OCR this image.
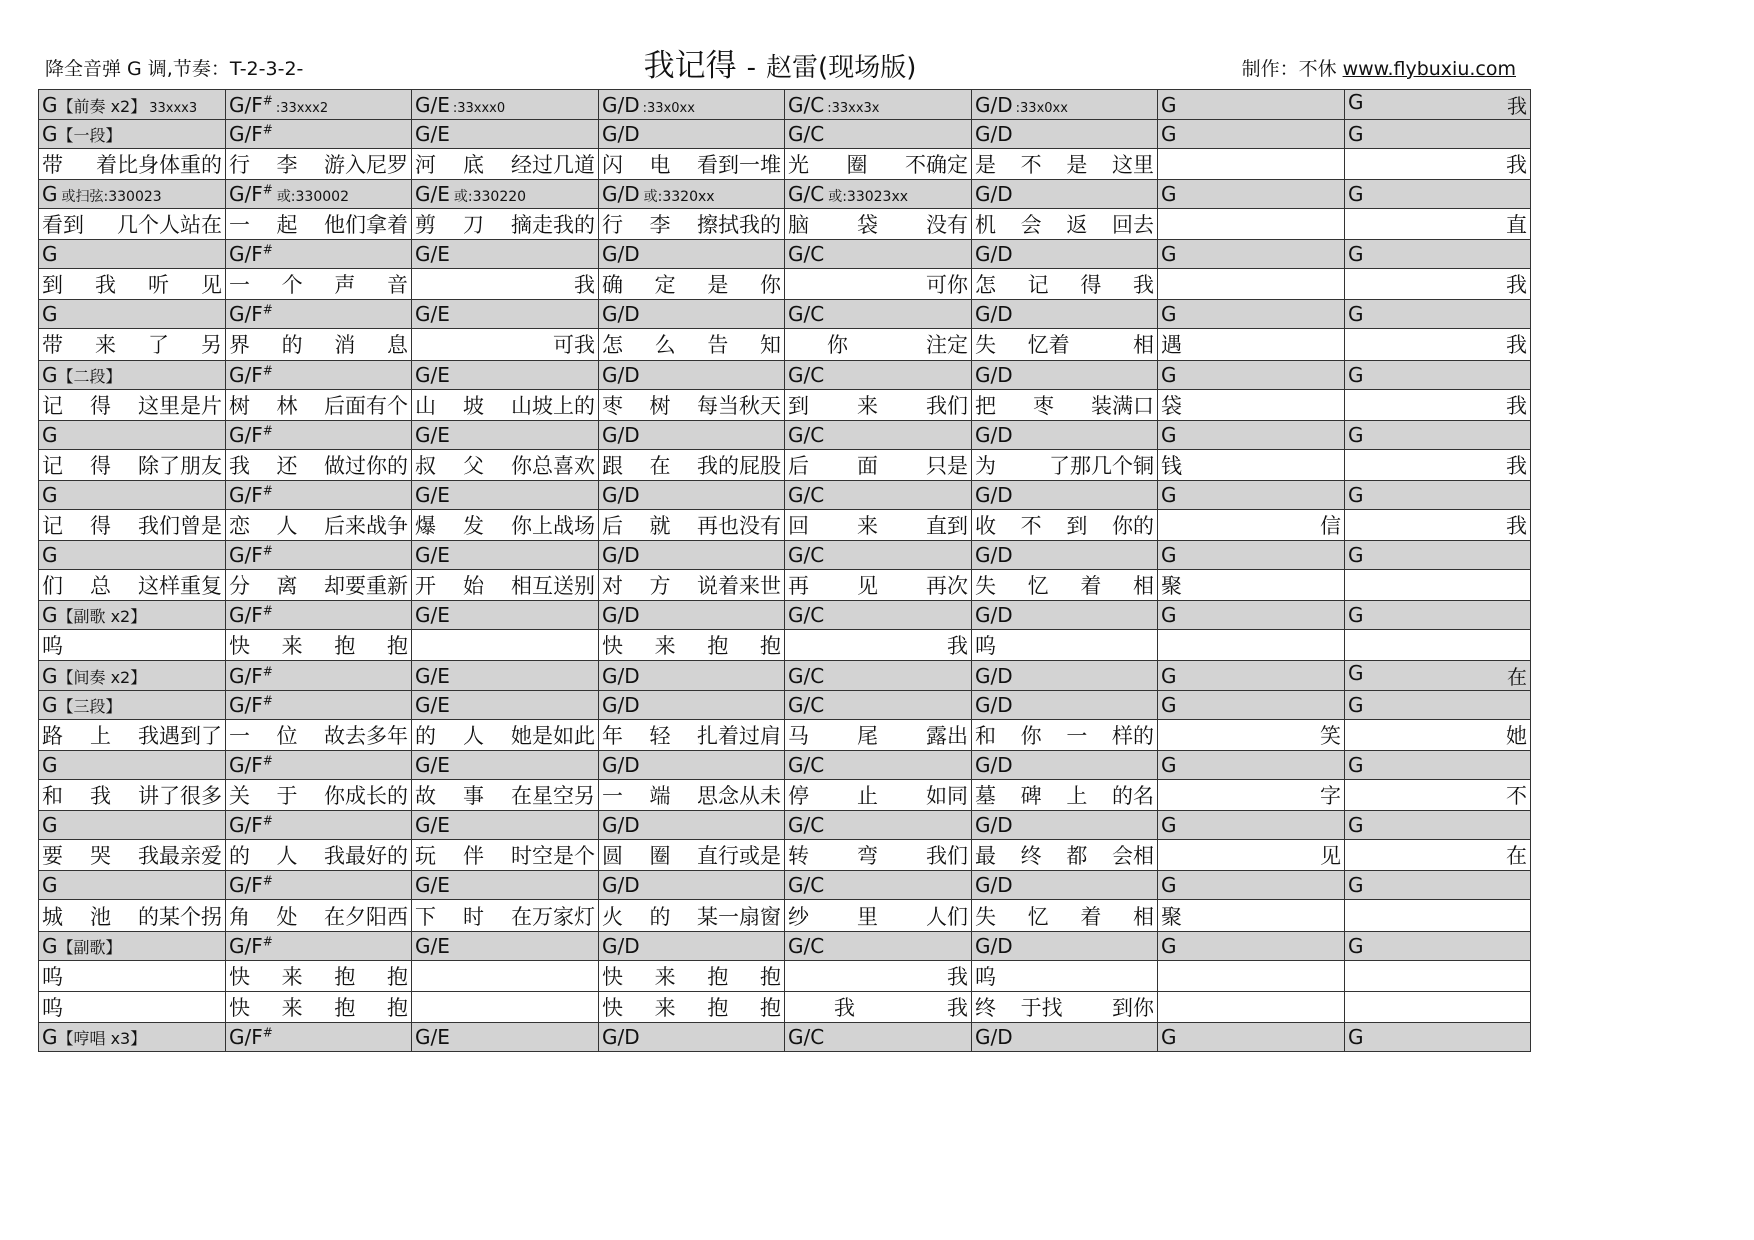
降全音弹 G 调,节奏：T-2-3-2-	我记得 - 赵雷(现场版)	制作：不休 www.flybuxiu.com
G【前奏 x2】 33xxx3	G/F#:33xxx2	G/E :33xxx0	G/D :33x0xx	G/C :33xx3x	G/D :33x0xx	G	G 我

G【一段】	G/F#	G/E	G/D	G/C	G/D	G	G

带 着比身体重的	行 李 游入尼罗	河 底 经过几道	闪 电 看到一堆	光 圈 不确定	是 不 是 这里		我

G 或扫弦:330023	G/F# 或:330002	G/E 或:330220	G/D 或:3320xx	G/C 或:33023xx	G/D	G	G

看到 几个人站在	一 起 他们拿着	剪 刀 摘走我的	行 李 擦拭我的	脑 袋 没有	机 会 返 回去		直

G	G/F#	G/E	G/D	G/C	G/D	G	G

到 我 听 见	一 个 声 音	我	确 定 是 你	可你	怎 记 得 我		我

G	G/F#	G/E	G/D	G/C	G/D	G	G

带 来 了 另	界 的 消 息	可我	怎 么 告 知	你 注定	失 忆着 相	遇	我

G【二段】	G/F#	G/E	G/D	G/C	G/D	G	G

记 得 这里是片	树 林 后面有个	山 坡 山坡上的	枣 树 每当秋天	到 来 我们	把 枣 装满口	袋	我

G	G/F#	G/E	G/D	G/C	G/D	G	G

记 得 除了朋友	我 还 做过你的	叔 父 你总喜欢	跟 在 我的屁股	后 面 只是	为 了那几个铜	钱	我

G	G/F#	G/E	G/D	G/C	G/D	G	G

记 得 我们曾是	恋 人 后来战争	爆 发 你上战场	后 就 再也没有	回 来 直到	收 不 到 你的	信	我

G	G/F#	G/E	G/D	G/C	G/D	G	G

们 总 这样重复	分 离 却要重新	开 始 相互送别	对 方 说着来世	再 见 再次	失 忆 着 相	聚	

G【副歌 x2】	G/F#	G/E	G/D	G/C	G/D	G	G

呜	快 来 抱 抱		快 来 抱 抱	我	呜		

G【间奏 x2】	G/F#	G/E	G/D	G/C	G/D	G	G 在

G【三段】	G/F#	G/E	G/D	G/C	G/D	G	G

路 上 我遇到了	一 位 故去多年	的 人 她是如此	年 轻 扎着过肩	马 尾 露出	和 你 一 样的	笑	她

G	G/F#	G/E	G/D	G/C	G/D	G	G

和 我 讲了很多	关 于 你成长的	故 事 在星空另	一 端 思念从未	停 止 如同	墓 碑 上 的名	字	不

G	G/F#	G/E	G/D	G/C	G/D	G	G

要 哭 我最亲爱	的 人 我最好的	玩 伴 时空是个	圆 圈 直行或是	转 弯 我们	最 终 都 会相	见	在

G	G/F#	G/E	G/D	G/C	G/D	G	G

城 池 的某个拐	角 处 在夕阳西	下 时 在万家灯	火 的 某一扇窗	纱 里 人们	失 忆 着 相	聚	

G【副歌】	G/F#	G/E	G/D	G/C	G/D	G	G

呜	快 来 抱 抱		快 来 抱 抱	我	呜		

呜	快 来 抱 抱		快 来 抱 抱	我 我	终 于找 到你		

G【哼唱 x3】	G/F#	G/E	G/D	G/C	G/D	G	G
